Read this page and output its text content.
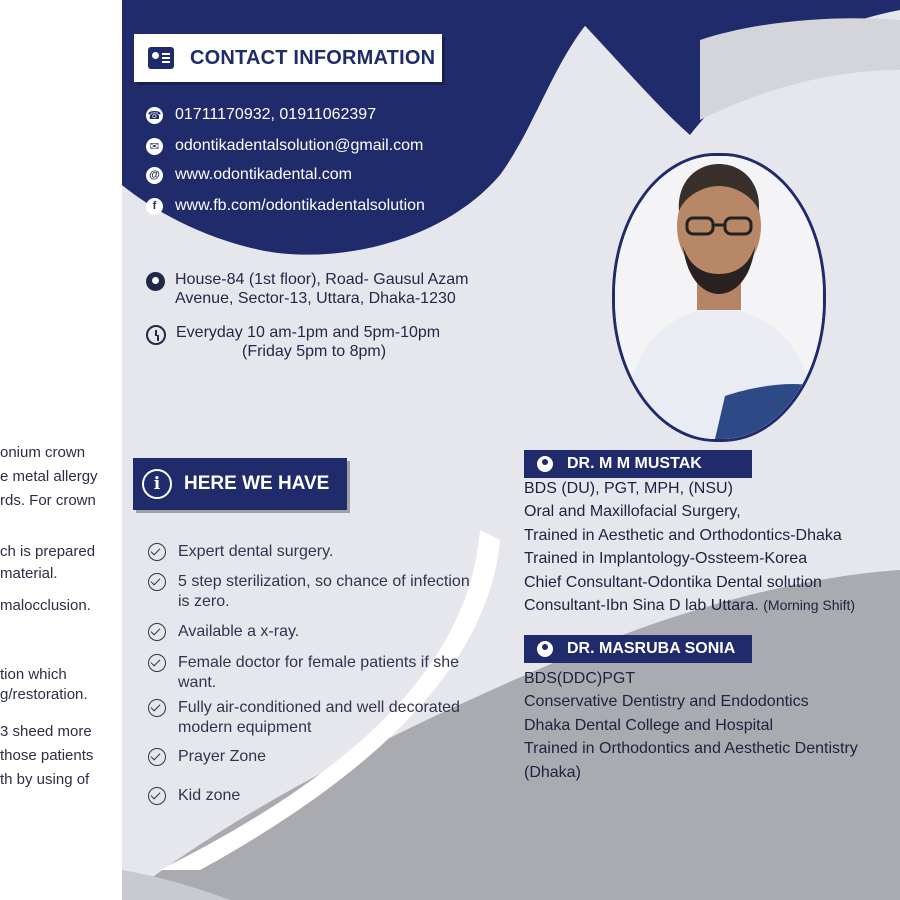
onium crown
e metal allergy
rds. For crown
ch is prepared
material.
malocclusion.
tion which
g/restoration.
3 sheed more
those patients
th by using of
CONTACT INFORMATION
☎ 01711170932, 01911062397
✉ odontikadentalsolution@gmail.com
@ www.odontikadental.com
f	www.fb.com/odontikadentalsolution
House-84 (1st floor), Road- Gausul Azam
Avenue, Sector-13, Uttara, Dhaka-1230
Everyday 10 am-1pm and 5pm-10pm
(Friday 5pm to 8pm)
i	HERE WE HAVE
Expert dental surgery.
5 step sterilization, so chance of infection
is zero.
Available a x-ray.
Female doctor for female patients if she
want.
Fully air-conditioned and well decorated
modern equipment
Prayer Zone
Kid zone
DR. M M MUSTAK
BDS (DU), PGT, MPH, (NSU)
Oral and Maxillofacial Surgery,
Trained in Aesthetic and Orthodontics-Dhaka
Trained in Implantology-Ossteem-Korea
Chief Consultant-Odontika Dental solution
Consultant-Ibn Sina D lab Uttara. (Morning Shift)
DR. MASRUBA SONIA
BDS(DDC)PGT
Conservative Dentistry and Endodontics
Dhaka Dental College and Hospital
Trained in Orthodontics and Aesthetic Dentistry
(Dhaka)
